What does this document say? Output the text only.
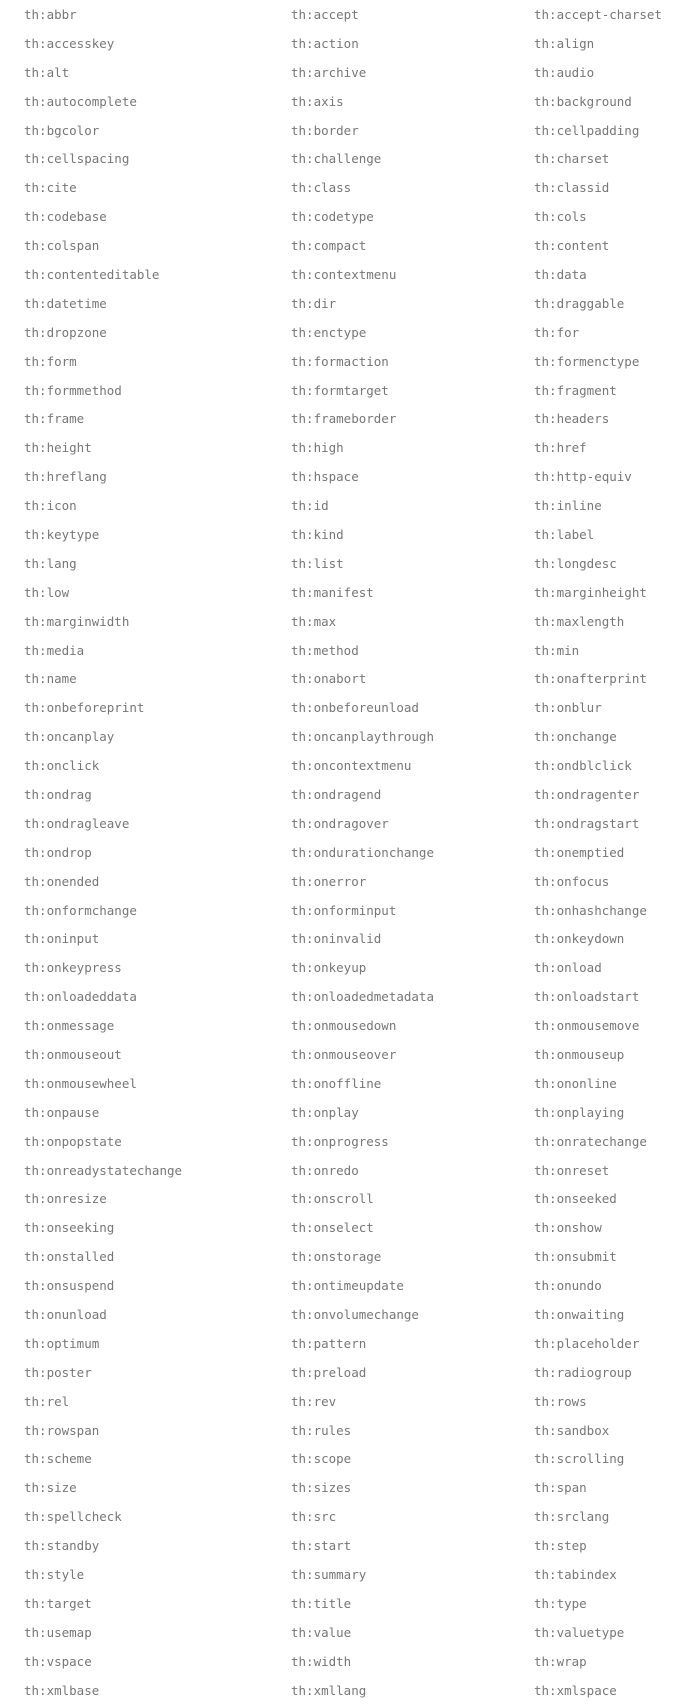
th:abbr	th:accept	th:accept-charset
th:accesskey	th:action	th:align
th:alt	th:archive	th:audio
th:autocomplete	th:axis	th:background
th:bgcolor	th:border	th:cellpadding
th:cellspacing	th:challenge	th:charset
th:cite	th:class	th:classid
th:codebase	th:codetype	th:cols
th:colspan	th:compact	th:content
th:contenteditable	th:contextmenu	th:data
th:datetime	th:dir	th:draggable
th:dropzone	th:enctype	th:for
th:form	th:formaction	th:formenctype
th:formmethod	th:formtarget	th:fragment
th:frame	th:frameborder	th:headers
th:height	th:high	th:href
th:hreflang	th:hspace	th:http-equiv
th:icon	th:id	th:inline
th:keytype	th:kind	th:label
th:lang	th:list	th:longdesc
th:low	th:manifest	th:marginheight
th:marginwidth	th:max	th:maxlength
th:media	th:method	th:min
th:name	th:onabort	th:onafterprint
th:onbeforeprint	th:onbeforeunload	th:onblur
th:oncanplay	th:oncanplaythrough	th:onchange
th:onclick	th:oncontextmenu	th:ondblclick
th:ondrag	th:ondragend	th:ondragenter
th:ondragleave	th:ondragover	th:ondragstart
th:ondrop	th:ondurationchange	th:onemptied
th:onended	th:onerror	th:onfocus
th:onformchange	th:onforminput	th:onhashchange
th:oninput	th:oninvalid	th:onkeydown
th:onkeypress	th:onkeyup	th:onload
th:onloadeddata	th:onloadedmetadata	th:onloadstart
th:onmessage	th:onmousedown	th:onmousemove
th:onmouseout	th:onmouseover	th:onmouseup
th:onmousewheel	th:onoffline	th:ononline
th:onpause	th:onplay	th:onplaying
th:onpopstate	th:onprogress	th:onratechange
th:onreadystatechange	th:onredo	th:onreset
th:onresize	th:onscroll	th:onseeked
th:onseeking	th:onselect	th:onshow
th:onstalled	th:onstorage	th:onsubmit
th:onsuspend	th:ontimeupdate	th:onundo
th:onunload	th:onvolumechange	th:onwaiting
th:optimum	th:pattern	th:placeholder
th:poster	th:preload	th:radiogroup
th:rel	th:rev	th:rows
th:rowspan	th:rules	th:sandbox
th:scheme	th:scope	th:scrolling
th:size	th:sizes	th:span
th:spellcheck	th:src	th:srclang
th:standby	th:start	th:step
th:style	th:summary	th:tabindex
th:target	th:title	th:type
th:usemap	th:value	th:valuetype
th:vspace	th:width	th:wrap
th:xmlbase	th:xmllang	th:xmlspace
